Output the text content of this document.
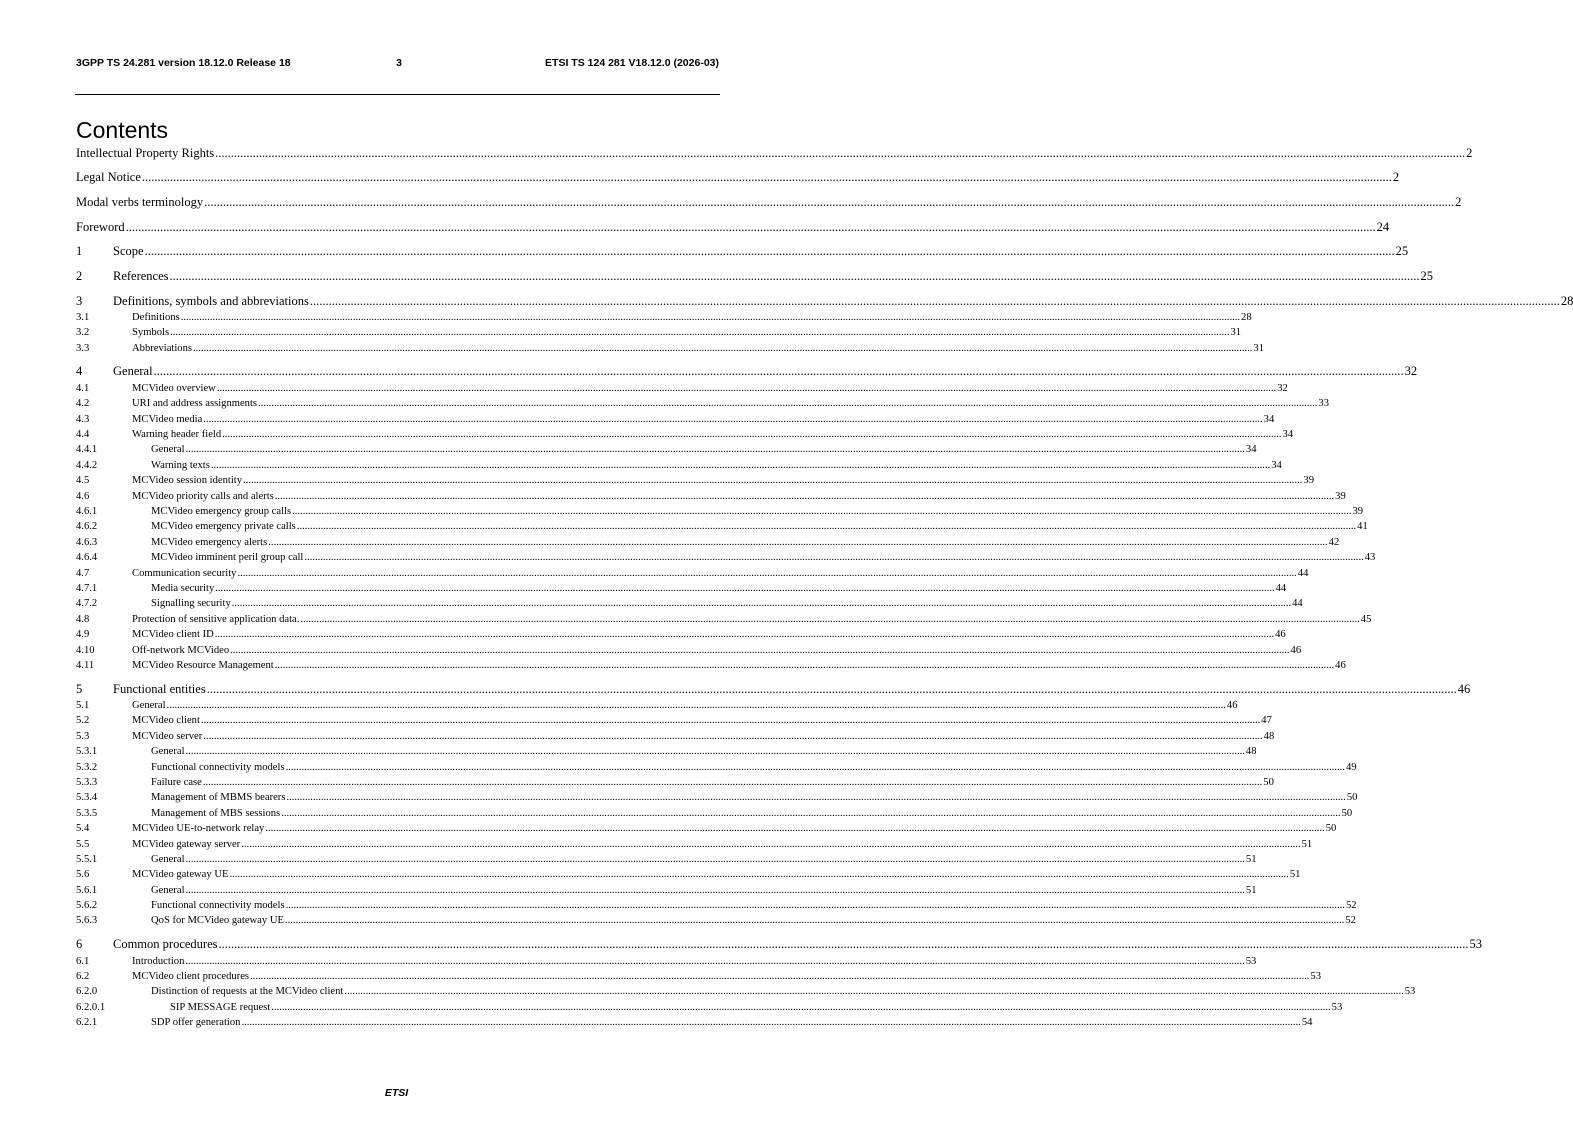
3GPP TS 24.281 version 18.12.0 Release 18	3	ETSI TS 124 281 V18.12.0 (2026-03)
Contents
Intellectual Property Rights ................................................................................................................................................................................................................................................................................................................................................................................................................ 2
Legal Notice ................................................................................................................................................................................................................................................................................................................................................................................................................ 2
Modal verbs terminology ................................................................................................................................................................................................................................................................................................................................................................................................................ 2
Foreword ................................................................................................................................................................................................................................................................................................................................................................................................................ 24
1 Scope ................................................................................................................................................................................................................................................................................................................................................................................................................ 25
2 References ................................................................................................................................................................................................................................................................................................................................................................................................................ 25
3 Definitions, symbols and abbreviations ................................................................................................................................................................................................................................................................................................................................................................................................................ 28
3.1	Definitions ................................................................................................................................................................................................................................................................................................................................................................................................................ 28
3.2	Symbols ................................................................................................................................................................................................................................................................................................................................................................................................................ 31
3.3	Abbreviations ................................................................................................................................................................................................................................................................................................................................................................................................................ 31
4 General ................................................................................................................................................................................................................................................................................................................................................................................................................ 32
4.1	MCVideo overview ................................................................................................................................................................................................................................................................................................................................................................................................................ 32
4.2	URI and address assignments ................................................................................................................................................................................................................................................................................................................................................................................................................ 33
4.3	MCVideo media ................................................................................................................................................................................................................................................................................................................................................................................................................ 34
4.4	Warning header field ................................................................................................................................................................................................................................................................................................................................................................................................................ 34
4.4.1	General ................................................................................................................................................................................................................................................................................................................................................................................................................ 34
4.4.2	Warning texts ................................................................................................................................................................................................................................................................................................................................................................................................................ 34
4.5	MCVideo session identity ................................................................................................................................................................................................................................................................................................................................................................................................................ 39
4.6	MCVideo priority calls and alerts ................................................................................................................................................................................................................................................................................................................................................................................................................ 39
4.6.1	MCVideo emergency group calls ................................................................................................................................................................................................................................................................................................................................................................................................................ 39
4.6.2	MCVideo emergency private calls ................................................................................................................................................................................................................................................................................................................................................................................................................ 41
4.6.3	MCVideo emergency alerts ................................................................................................................................................................................................................................................................................................................................................................................................................ 42
4.6.4	MCVideo imminent peril group call ................................................................................................................................................................................................................................................................................................................................................................................................................ 43
4.7	Communication security ................................................................................................................................................................................................................................................................................................................................................................................................................ 44
4.7.1	Media security ................................................................................................................................................................................................................................................................................................................................................................................................................ 44
4.7.2	Signalling security ................................................................................................................................................................................................................................................................................................................................................................................................................ 44
4.8	Protection of sensitive application data. ................................................................................................................................................................................................................................................................................................................................................................................................................ 45
4.9	MCVideo client ID ................................................................................................................................................................................................................................................................................................................................................................................................................ 46
4.10	Off-network MCVideo ................................................................................................................................................................................................................................................................................................................................................................................................................ 46
4.11	MCVideo Resource Management ................................................................................................................................................................................................................................................................................................................................................................................................................ 46
5 Functional entities ................................................................................................................................................................................................................................................................................................................................................................................................................ 46
5.1	General ................................................................................................................................................................................................................................................................................................................................................................................................................ 46
5.2	MCVideo client ................................................................................................................................................................................................................................................................................................................................................................................................................ 47
5.3	MCVideo server ................................................................................................................................................................................................................................................................................................................................................................................................................ 48
5.3.1	General ................................................................................................................................................................................................................................................................................................................................................................................................................ 48
5.3.2	Functional connectivity models ................................................................................................................................................................................................................................................................................................................................................................................................................ 49
5.3.3	Failure case ................................................................................................................................................................................................................................................................................................................................................................................................................ 50
5.3.4	Management of MBMS bearers ................................................................................................................................................................................................................................................................................................................................................................................................................ 50
5.3.5	Management of MBS sessions ................................................................................................................................................................................................................................................................................................................................................................................................................ 50
5.4	MCVideo UE-to-network relay ................................................................................................................................................................................................................................................................................................................................................................................................................ 50
5.5	MCVideo gateway server ................................................................................................................................................................................................................................................................................................................................................................................................................ 51
5.5.1	General ................................................................................................................................................................................................................................................................................................................................................................................................................ 51
5.6	MCVideo gateway UE ................................................................................................................................................................................................................................................................................................................................................................................................................ 51
5.6.1	General ................................................................................................................................................................................................................................................................................................................................................................................................................ 51
5.6.2	Functional connectivity models ................................................................................................................................................................................................................................................................................................................................................................................................................ 52
5.6.3	QoS for MCVideo gateway UE ................................................................................................................................................................................................................................................................................................................................................................................................................ 52
6 Common procedures ................................................................................................................................................................................................................................................................................................................................................................................................................ 53
6.1	Introduction ................................................................................................................................................................................................................................................................................................................................................................................................................ 53
6.2	MCVideo client procedures ................................................................................................................................................................................................................................................................................................................................................................................................................ 53
6.2.0	Distinction of requests at the MCVideo client ................................................................................................................................................................................................................................................................................................................................................................................................................ 53
6.2.0.1	SIP MESSAGE request ................................................................................................................................................................................................................................................................................................................................................................................................................ 53
6.2.1	SDP offer generation ................................................................................................................................................................................................................................................................................................................................................................................................................ 54
ETSI
